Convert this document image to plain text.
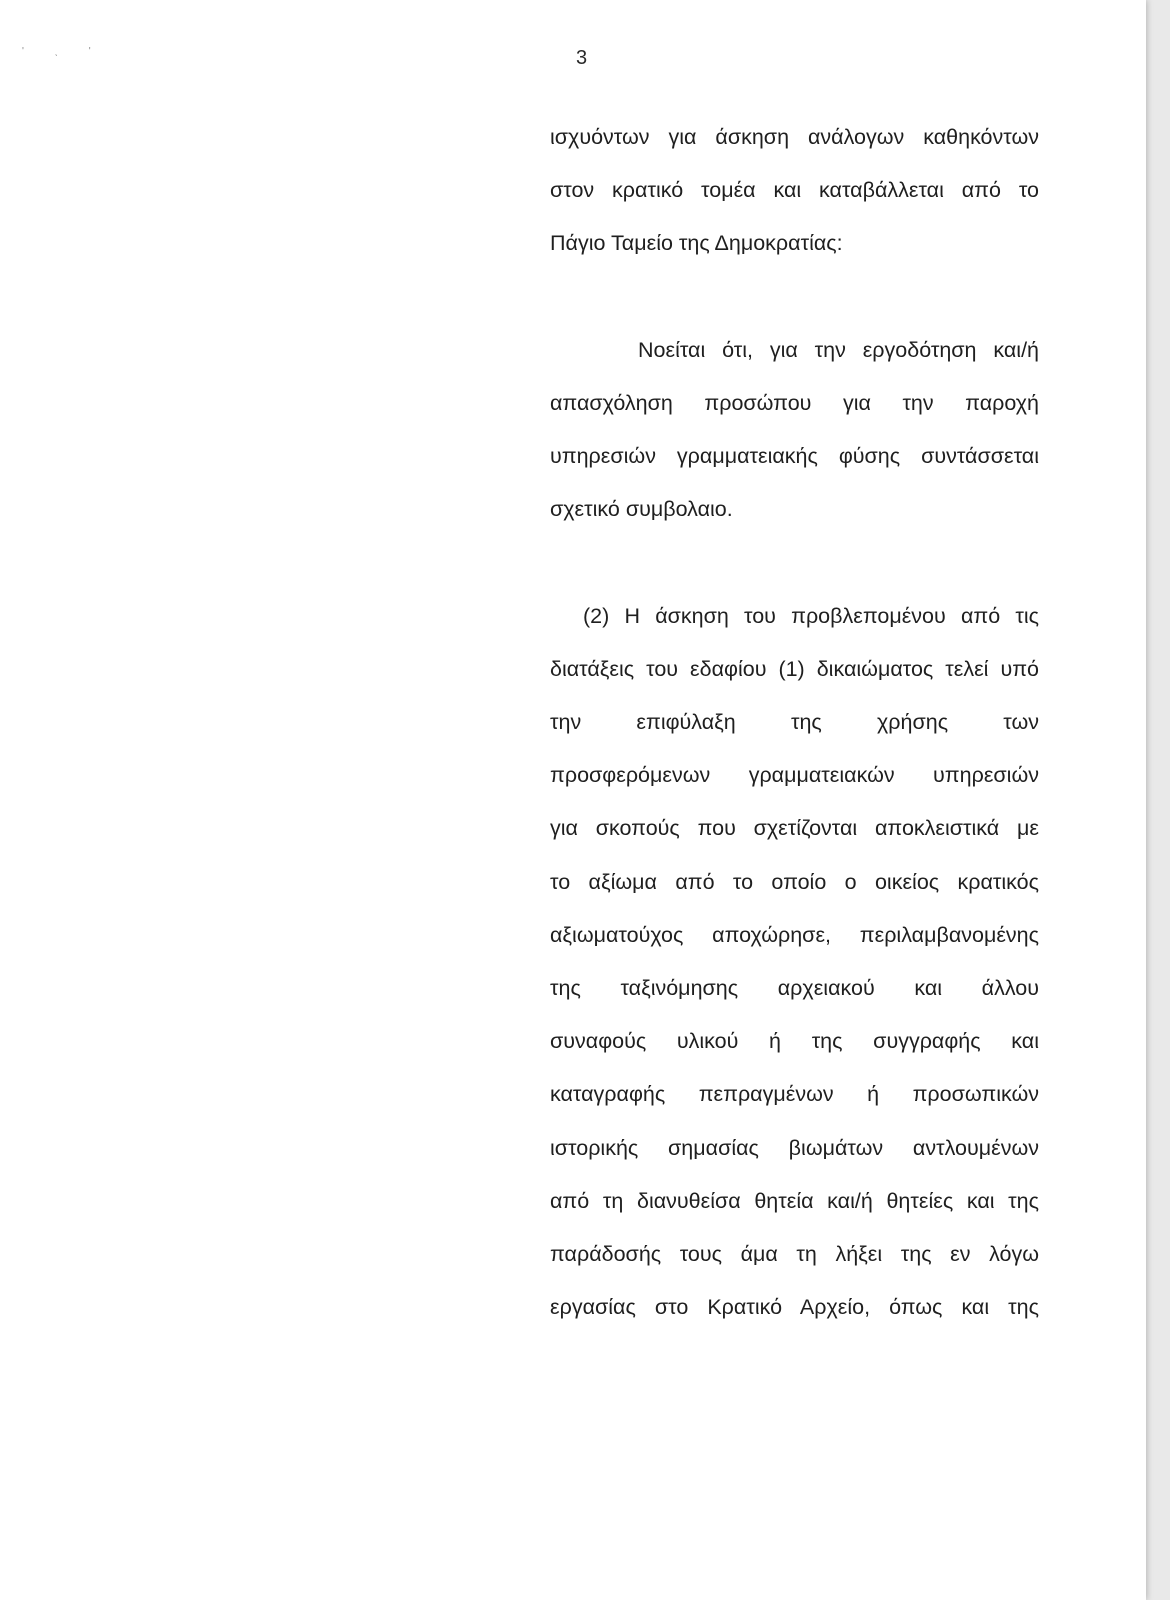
' ˎ '	3

ισχυόντων για άσκηση ανάλογων καθηκόντων
στον κρατικό τομέα και καταβάλλεται από το
Πάγιο Ταμείο της Δημοκρατίας:

Νοείται ότι, για την εργοδότηση και/ή
απασχόληση προσώπου για την παροχή
υπηρεσιών γραμματειακής φύσης συντάσσεται
σχετικό συμβολαιο.

(2) Η άσκηση του προβλεπομένου από τις
διατάξεις του εδαφίου (1) δικαιώματος τελεί υπό
την επιφύλαξη της χρήσης των
προσφερόμενων γραμματειακών υπηρεσιών
για σκοπούς που σχετίζονται αποκλειστικά με
το αξίωμα από το οποίο ο οικείος κρατικός
αξιωματούχος αποχώρησε, περιλαμβανομένης
της ταξινόμησης αρχειακού και άλλου
συναφούς υλικού ή της συγγραφής και
καταγραφής πεπραγμένων ή προσωπικών
ιστορικής σημασίας βιωμάτων αντλουμένων
από τη διανυθείσα θητεία και/ή θητείες και της
παράδοσής τους άμα τη λήξει της εν λόγω
εργασίας στο Κρατικό Αρχείο, όπως και της
